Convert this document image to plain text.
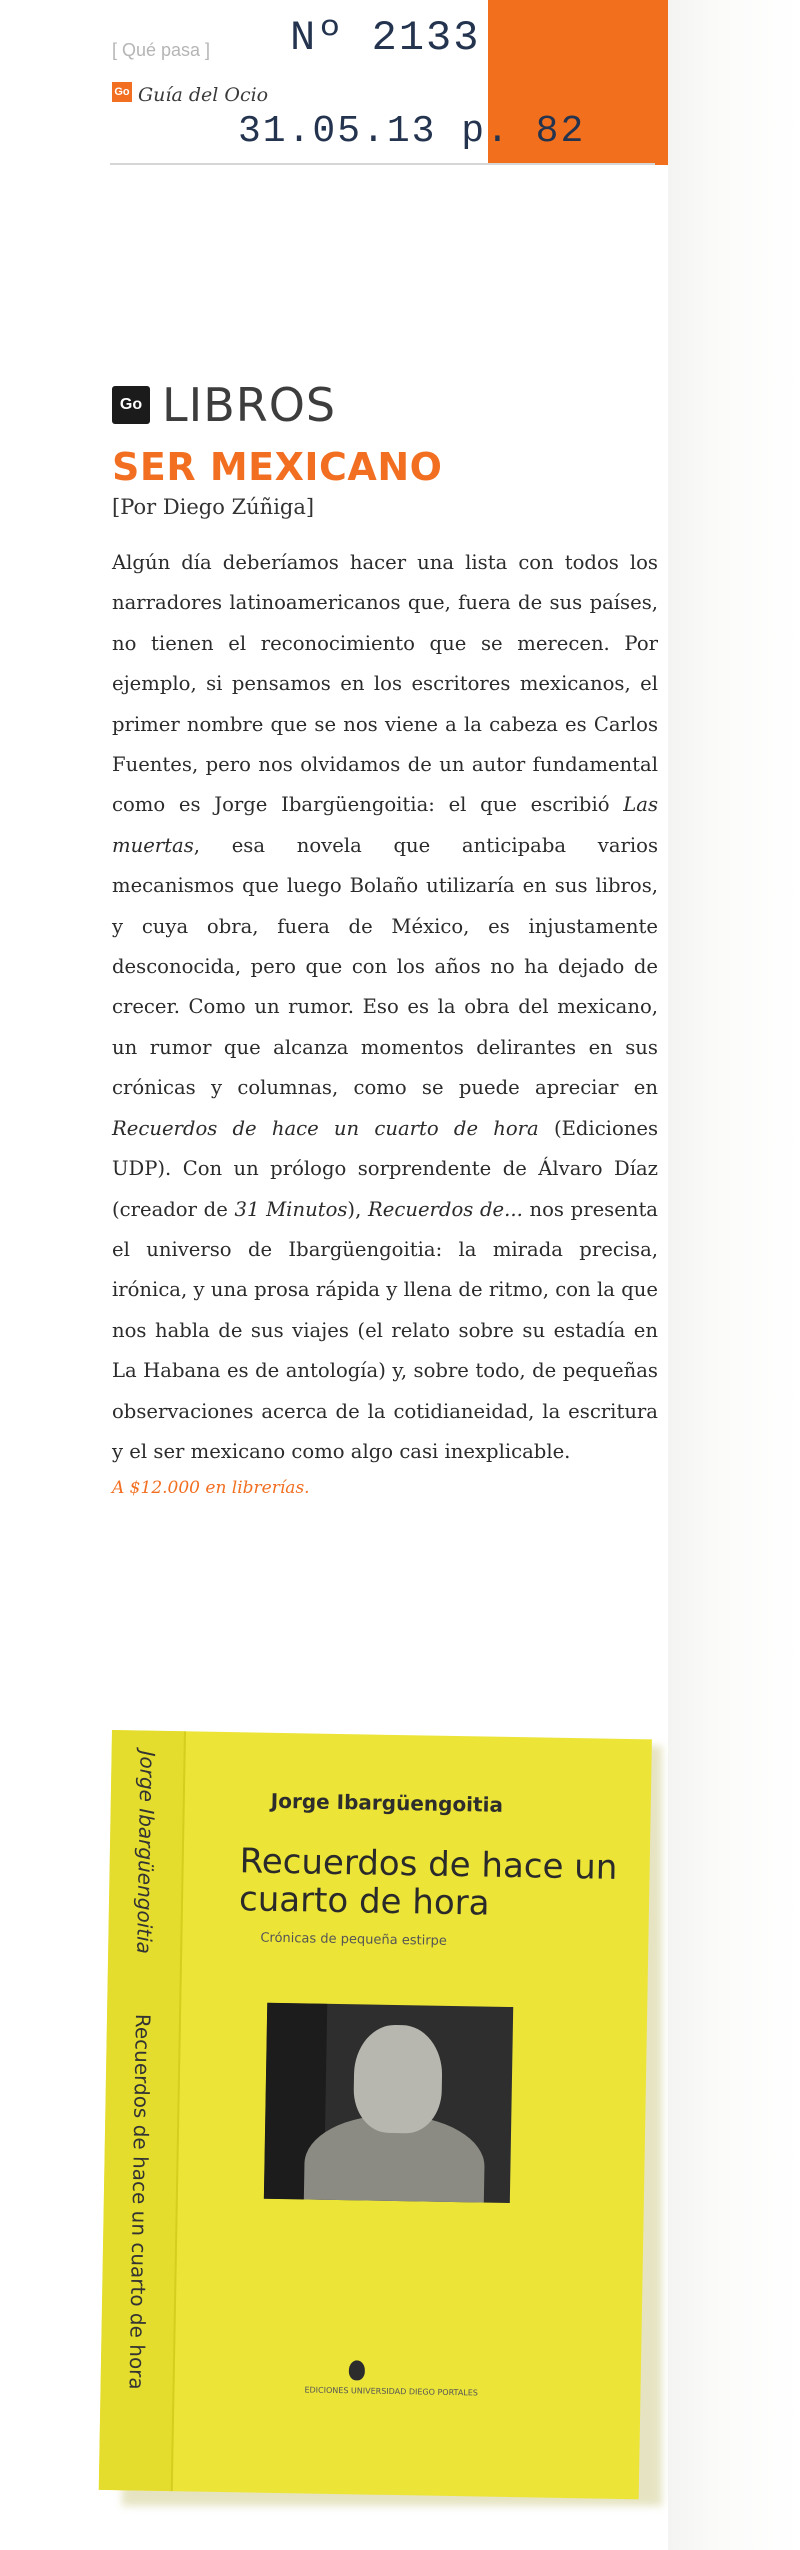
[ Qué pasa ]
Go Guía del Ocio
Nº 2133
31.05.13 p. 82
Go LIBROS
SER MEXICANO
[Por Diego Zúñiga]
Algún día deberíamos hacer una lista con todos los narradores latinoamericanos que, fuera de sus países, no tienen el reconocimiento que se merecen. Por ejemplo, si pensamos en los escritores mexicanos, el primer nombre que se nos viene a la cabeza es Carlos Fuentes, pero nos olvidamos de un autor fundamental como es Jorge Ibargüengoitia: el que escribió Las muertas, esa novela que anticipaba varios mecanismos que luego Bolaño utilizaría en sus libros, y cuya obra, fuera de México, es injustamente desconocida, pero que con los años no ha dejado de crecer. Como un rumor. Eso es la obra del mexicano, un rumor que alcanza momentos delirantes en sus crónicas y columnas, como se puede apreciar en Recuerdos de hace un cuarto de hora (Ediciones UDP). Con un prólogo sorprendente de Álvaro Díaz (creador de 31 Minutos), Recuerdos de... nos presenta el universo de Ibargüengoitia: la mirada precisa, irónica, y una prosa rápida y llena de ritmo, con la que nos habla de sus viajes (el relato sobre su estadía en La Habana es de antología) y, sobre todo, de pequeñas observaciones acerca de la cotidianeidad, la escritura y el ser mexicano como algo casi inexplicable.
A $12.000 en librerías.
Jorge IbargüengoitiaRecuerdos de hace un cuarto de hora
Jorge Ibargüengoitia
Recuerdos de hace un cuarto de hora
Crónicas de pequeña estirpe
EDICIONES UNIVERSIDAD DIEGO PORTALES
